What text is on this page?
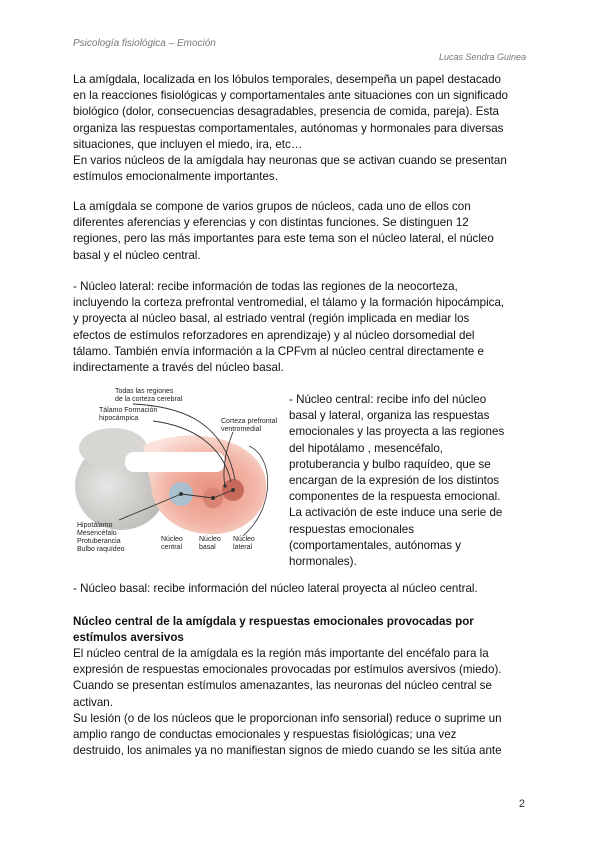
Psicología fisiológica – Emoción
Lucas Sendra Guinea
La amígdala, localizada en los lóbulos temporales, desempeña un papel destacado
en la reacciones fisiológicas y comportamentales ante situaciones con un significado
biológico (dolor, consecuencias desagradables, presencia de comida, pareja). Esta
organiza las respuestas comportamentales, autónomas y hormonales para diversas
situaciones, que incluyen el miedo, ira, etc…
En varios núcleos de la amígdala hay neuronas que se activan cuando se presentan
estímulos emocionalmente importantes.
La amígdala se compone de varios grupos de núcleos, cada uno de ellos con
diferentes aferencias y eferencias y con distintas funciones. Se distinguen 12
regiones, pero las más importantes para este tema son el núcleo lateral, el núcleo
basal y el núcleo central.
- Núcleo lateral: recibe información de todas las regiones de la neocorteza,
incluyendo la corteza prefrontal ventromedial, el tálamo y la formación hipocámpica,
y proyecta al núcleo basal, al estriado ventral (región implicada en mediar los
efectos de estímulos reforzadores en aprendizaje) y al núcleo dorsomedial del
tálamo. También envía información a la CPFvm al núcleo central directamente e
indirectamente a través del núcleo basal.
Todas las regiones
de la corteza cerebral
Tálamo Formación
hipocámpica	Corteza prefrontal
ventromedial
Hipotálamo
Mesencéfalo
Protuberancia
Bulbo raquídeo
Núcleo
central
Núcleo
basal
Núcleo
lateral
- Núcleo central: recibe info del núcleo
basal y lateral, organiza las respuestas
emocionales y las proyecta a las regiones
del hipotálamo , mesencéfalo,
protuberancia y bulbo raquídeo, que se
encargan de la expresión de los distintos
componentes de la respuesta emocional.
La activación de este induce una serie de
respuestas emocionales
(comportamentales, autónomas y
hormonales).
- Núcleo basal: recibe información del núcleo lateral proyecta al núcleo central.
Núcleo central de la amígdala y respuestas emocionales provocadas por
estímulos aversivos
El núcleo central de la amígdala es la región más importante del encéfalo para la
expresión de respuestas emocionales provocadas por estímulos aversivos (miedo).
Cuando se presentan estímulos amenazantes, las neuronas del núcleo central se
activan.
Su lesión (o de los núcleos que le proporcionan info sensorial) reduce o suprime un
amplio rango de conductas emocionales y respuestas fisiológicas; una vez
destruido, los animales ya no manifiestan signos de miedo cuando se les sitúa ante
2
